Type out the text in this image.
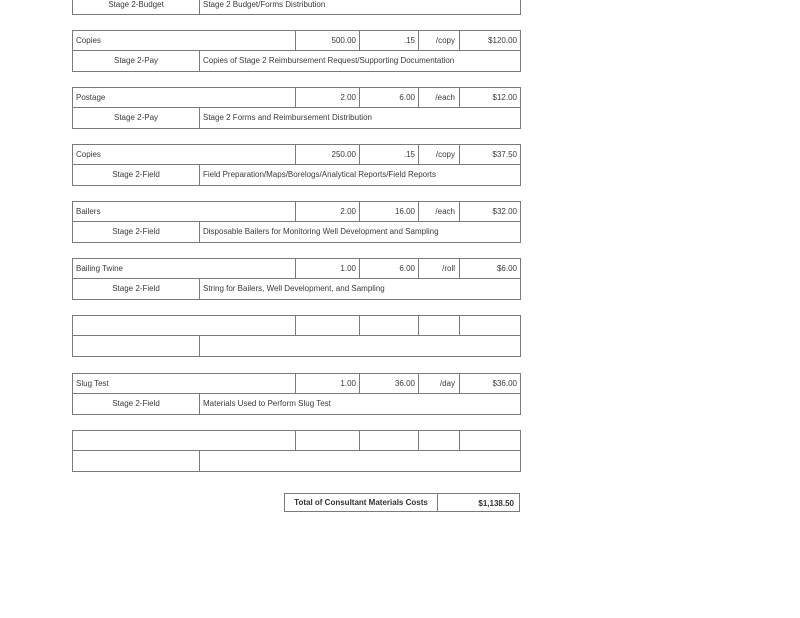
Stage 2-Budget	Stage 2 Budget/Forms Distribution
Copies	500.00	.15	/copy	$120.00
Stage 2-Pay	Copies of Stage 2 Reimbursement Request/Supporting Documentation
Postage	2.00	6.00	/each	$12.00
Stage 2-Pay	Stage 2 Forms and Reimbursement Distribution
Copies	250.00	.15	/copy	$37.50
Stage 2-Field	Field Preparation/Maps/Borelogs/Analytical Reports/Field Reports
Bailers	2.00	16.00	/each	$32.00
Stage 2-Field	Disposable Bailers for Monitoring Well Development and Sampling
Bailing Twine	1.00	6.00	/roll	$6.00
Stage 2-Field	String for Bailers, Well Development, and Sampling
Slug Test	1.00	36.00	/day	$36.00
Stage 2-Field	Materials Used to Perform Slug Test
Total of Consultant Materials Costs	$1,138.50
